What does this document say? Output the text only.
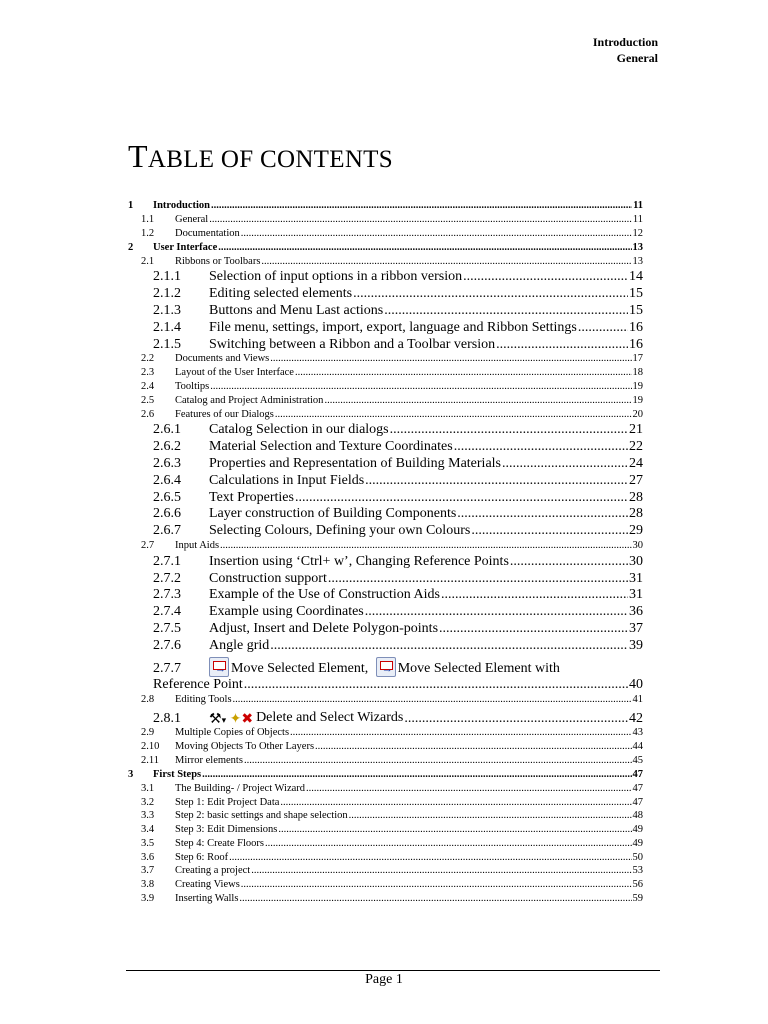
Introduction
General
TABLE OF CONTENTS
1	Introduction .....	11
1.1	General .....	11
1.2	Documentation .....	12
2	User Interface .....	13
2.1	Ribbons or Toolbars .....	13
2.1.1	Selection of input options in a ribbon version .....	14
2.1.2	Editing selected elements .....	15
2.1.3	Buttons and Menu Last actions .....	15
2.1.4	File menu, settings, import, export, language and Ribbon Settings .....	16
2.1.5	Switching between a Ribbon and a Toolbar version .....	16
2.2	Documents and Views .....	17
2.3	Layout of the User Interface .....	18
2.4	Tooltips .....	19
2.5	Catalog and Project Administration .....	19
2.6	Features of our Dialogs .....	20
2.6.1	Catalog Selection in our dialogs .....	21
2.6.2	Material Selection and Texture Coordinates .....	22
2.6.3	Properties and Representation of Building Materials .....	24
2.6.4	Calculations in Input Fields .....	27
2.6.5	Text Properties .....	28
2.6.6	Layer construction of Building Components .....	28
2.6.7	Selecting Colours, Defining your own Colours .....	29
2.7	Input Aids .....	30
2.7.1	Insertion using ‘Ctrl+ w’, Changing Reference Points .....	30
2.7.2	Construction support .....	31
2.7.3	Example of the Use of Construction Aids .....	31
2.7.4	Example using Coordinates .....	36
2.7.5	Adjust, Insert and Delete Polygon-points .....	37
2.7.6	Angle grid .....	39
2.7.7 →	Move Selected Element, → Move Selected Element with
Reference Point .....	40
2.8	Editing Tools .....	41
2.8.1	⚒▾ ✦✖ Delete and Select Wizards .....	42
2.9	Multiple Copies of Objects .....	43
2.10	Moving Objects To Other Layers .....	44
2.11	Mirror elements .....	45
3	First Steps .....	47
3.1	The Building- / Project Wizard .....	47
3.2	Step 1: Edit Project Data .....	47
3.3	Step 2: basic settings and shape selection .....	48
3.4	Step 3: Edit Dimensions .....	49
3.5	Step 4: Create Floors .....	49
3.6	Step 6: Roof .....	50
3.7	Creating a project .....	53
3.8	Creating Views .....	56
3.9	Inserting Walls .....	59
Page 1
